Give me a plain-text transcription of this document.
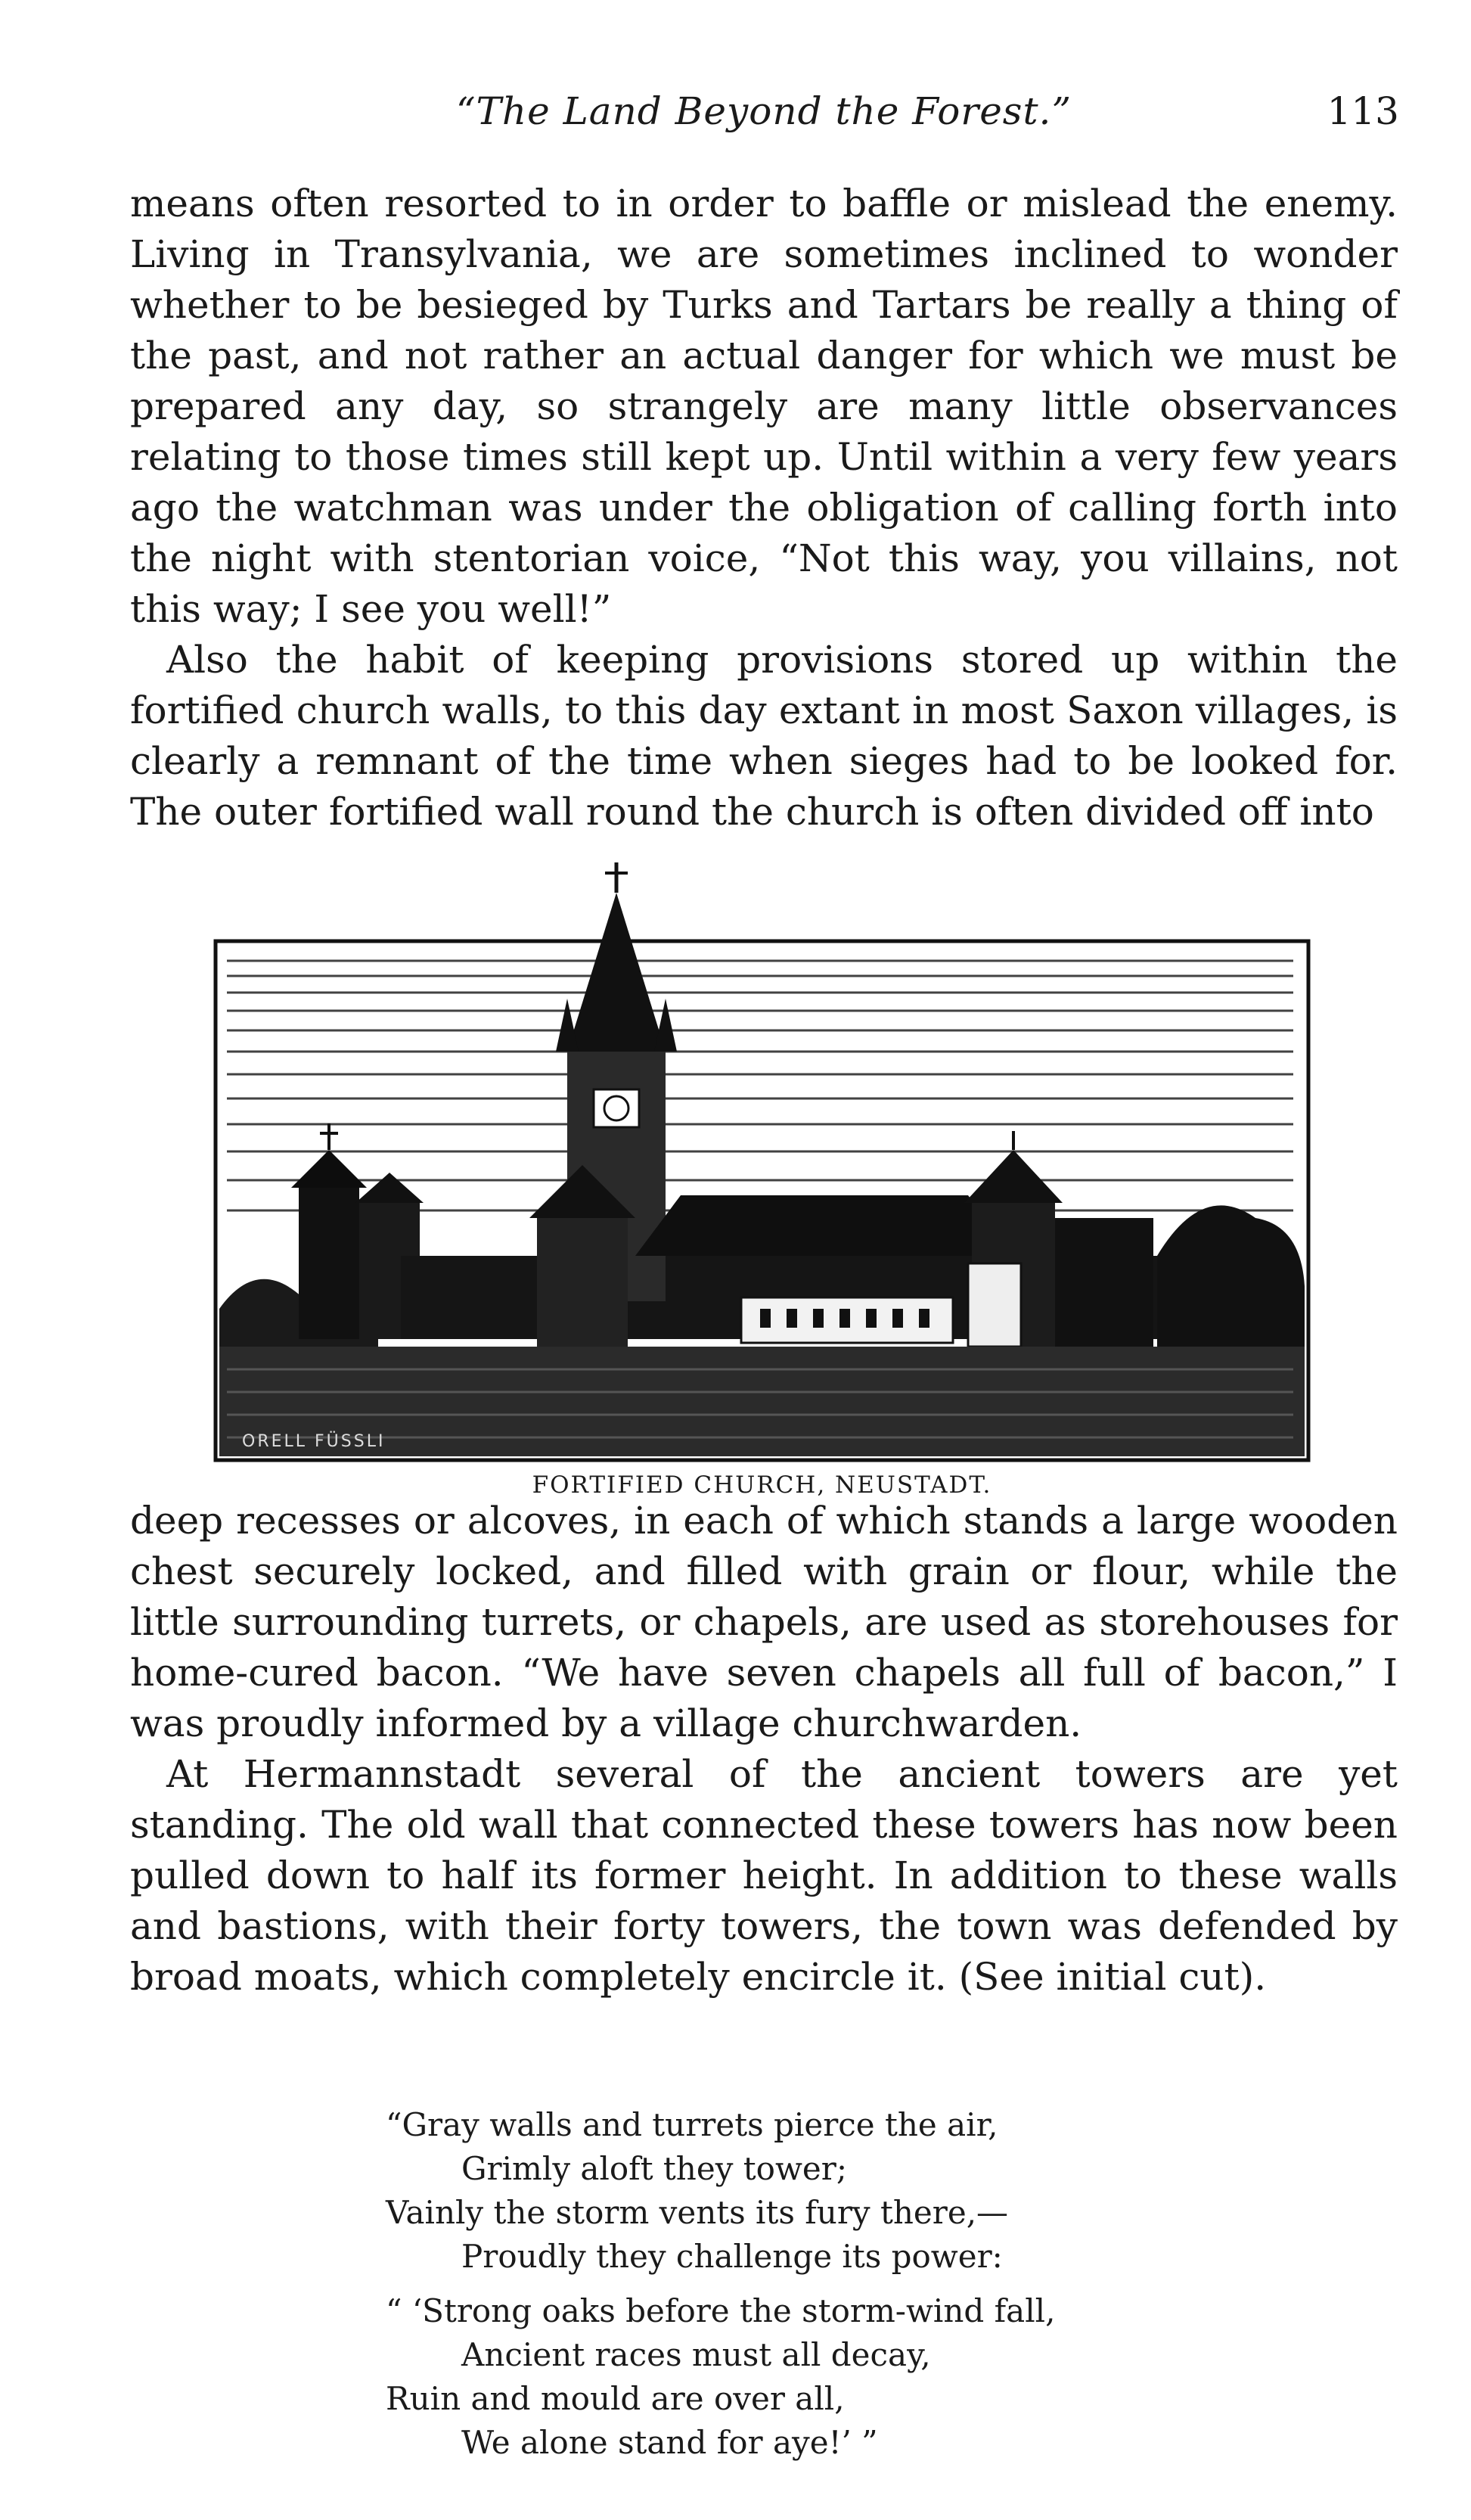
“The Land Beyond the Forest.”	113

means often resorted to in order to baffle or mislead the enemy. Living in Transylvania, we are sometimes inclined to wonder whether to be besieged by Turks and Tartars be really a thing of the past, and not rather an actual danger for which we must be prepared any day, so strangely are many little observances relating to those times still kept up. Until within a very few years ago the watchman was under the obligation of calling forth into the night with stentorian voice, “Not this way, you villains, not this way; I see you well!”

Also the habit of keeping provisions stored up within the fortified church walls, to this day extant in most Saxon villages, is clearly a remnant of the time when sieges had to be looked for. The outer fortified wall round the church is often divided off into

ORELL FÜSSLI
FORTIFIED CHURCH, NEUSTADT.

deep recesses or alcoves, in each of which stands a large wooden chest securely locked, and filled with grain or flour, while the little surrounding turrets, or chapels, are used as storehouses for home-cured bacon. “We have seven chapels all full of bacon,” I was proudly informed by a village churchwarden.

At Hermannstadt several of the ancient towers are yet standing. The old wall that connected these towers has now been pulled down to half its former height. In addition to these walls and bastions, with their forty towers, the town was defended by broad moats, which completely encircle it. (See initial cut).

“Gray walls and turrets pierce the air,
Grimly aloft they tower;
Vainly the storm vents its fury there,—
Proudly they challenge its power:
“ ‘Strong oaks before the storm-wind fall,
Ancient races must all decay,
Ruin and mould are over all,
We alone stand for aye!’ ”
